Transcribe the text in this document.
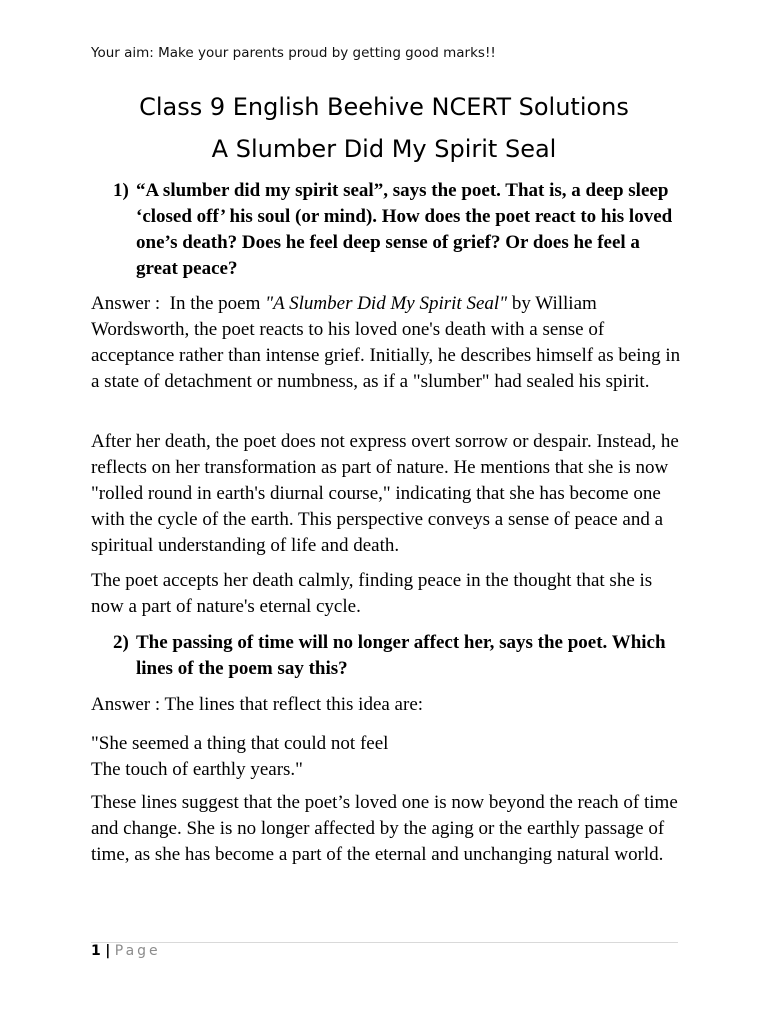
Your aim: Make your parents proud by getting good marks!!
Class 9 English Beehive NCERT Solutions
A Slumber Did My Spirit Seal
1) “A slumber did my spirit seal”, says the poet. That is, a deep sleep ‘closed off’ his soul (or mind). How does the poet react to his loved one’s death? Does he feel deep sense of grief? Or does he feel a great peace?

Answer :  In the poem "A Slumber Did My Spirit Seal" by William Wordsworth, the poet reacts to his loved one's death with a sense of acceptance rather than intense grief. Initially, he describes himself as being in a state of detachment or numbness, as if a "slumber" had sealed his spirit.

After her death, the poet does not express overt sorrow or despair. Instead, he reflects on her transformation as part of nature. He mentions that she is now "rolled round in earth's diurnal course," indicating that she has become one with the cycle of the earth. This perspective conveys a sense of peace and a spiritual understanding of life and death.

The poet accepts her death calmly, finding peace in the thought that she is now a part of nature's eternal cycle.

2) The passing of time will no longer affect her, says the poet. Which lines of the poem say this?

Answer : The lines that reflect this idea are:

"She seemed a thing that could not feel
The touch of earthly years."

These lines suggest that the poet’s loved one is now beyond the reach of time and change. She is no longer affected by the aging or the earthly passage of time, as she has become a part of the eternal and unchanging natural world.

1 | Page
